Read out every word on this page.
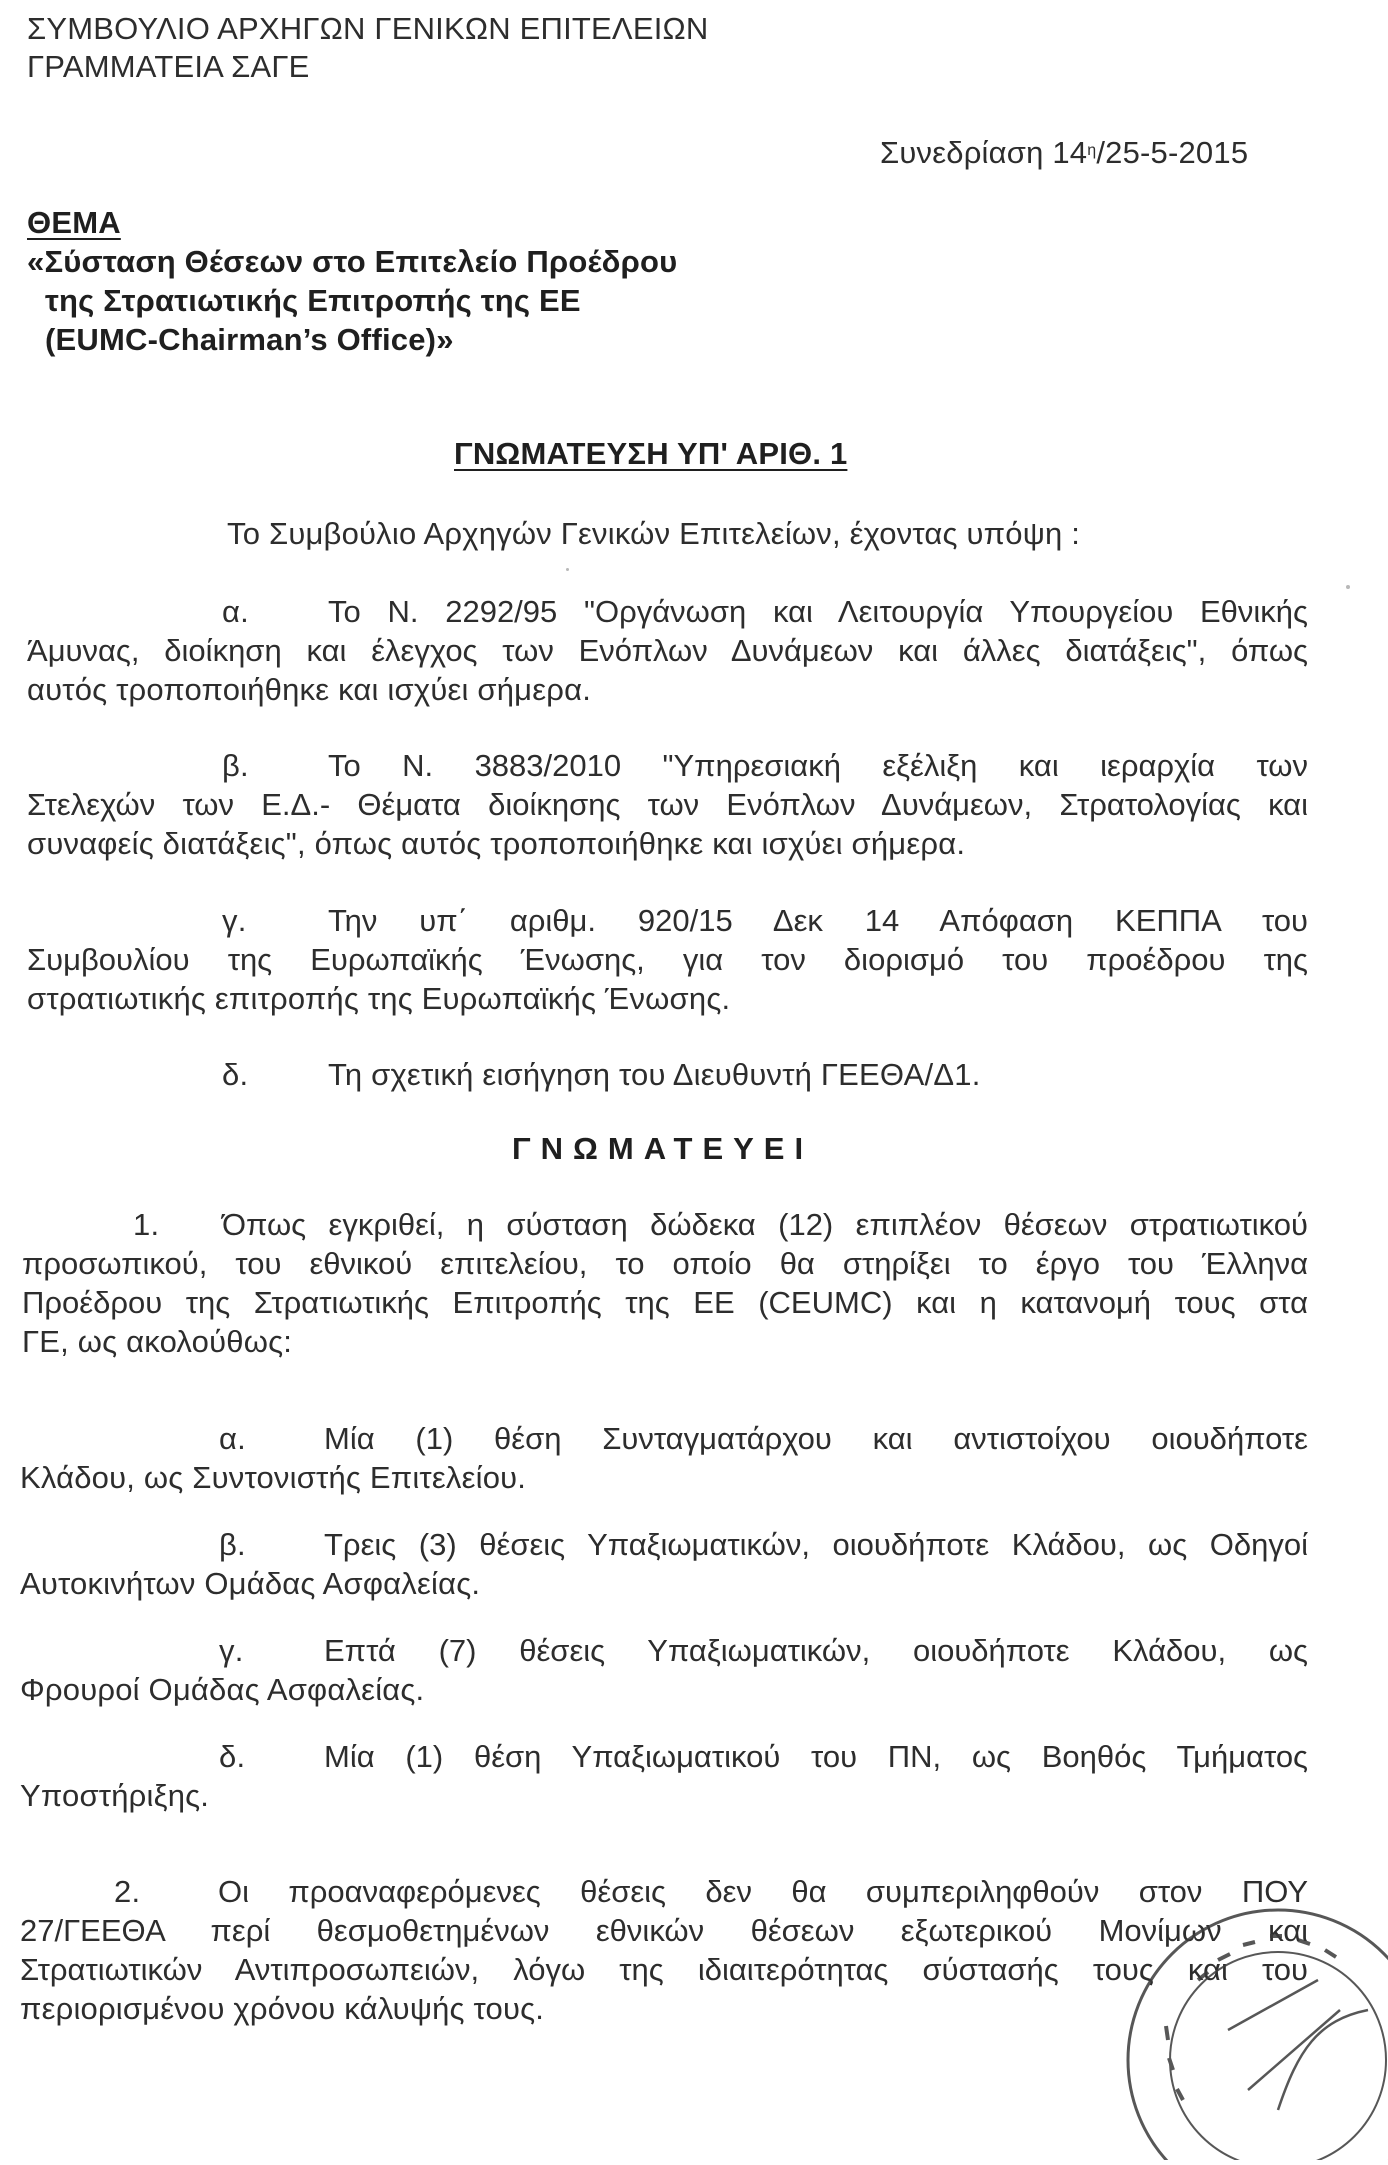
ΣΥΜΒΟΥΛΙΟ ΑΡΧΗΓΩΝ ΓΕΝΙΚΩΝ ΕΠΙΤΕΛΕΙΩΝ
ΓΡΑΜΜΑΤΕΙΑ ΣΑΓΕ
Συνεδρίαση $14^\eta/25-5-2015$
ΘΕΜΑ
«Σύσταση Θέσεων στο Επιτελείο Προέδρου
της Στρατιωτικής Επιτροπής της ΕΕ
(EUMC-Chairman’s Office)»
ΓΝΩΜΑΤΕΥΣΗ ΥΠ' ΑΡΙΘ. 1
Το Συμβούλιο Αρχηγών Γενικών Επιτελείων, έχοντας υπόψη :
α.	Το Ν. 2292/95 "Οργάνωση και Λειτουργία Υπουργείου Εθνικής
Άμυνας, διοίκηση και έλεγχος των Ενόπλων Δυνάμεων και άλλες διατάξεις", όπως
αυτός τροποποιήθηκε και ισχύει σήμερα.
β.	Το Ν. 3883/2010 "Υπηρεσιακή εξέλιξη και ιεραρχία των
Στελεχών των Ε.Δ.- Θέματα διοίκησης των Ενόπλων Δυνάμεων, Στρατολογίας και
συναφείς διατάξεις", όπως αυτός τροποποιήθηκε και ισχύει σήμερα.
γ.	Την υπ΄ αριθμ. 920/15 Δεκ 14 Απόφαση ΚΕΠΠΑ του
Συμβουλίου της Ευρωπαϊκής Ένωσης, για τον διορισμό του προέδρου της
στρατιωτικής επιτροπής της Ευρωπαϊκής Ένωσης.
δ.	Τη σχετική εισήγηση του Διευθυντή ΓΕΕΘΑ/Δ1.
ΓΝΩΜΑΤΕΥΕΙ
1. Όπως εγκριθεί, η σύσταση δώδεκα (12) επιπλέον θέσεων στρατιωτικού
προσωπικού, του εθνικού επιτελείου, το οποίο θα στηρίξει το έργο του Έλληνα
Προέδρου της Στρατιωτικής Επιτροπής της ΕΕ (CEUMC) και η κατανομή τους στα
ΓΕ, ως ακολούθως:
α.	Μία (1) θέση Συνταγματάρχου και αντιστοίχου οιουδήποτε
Κλάδου, ως Συντονιστής Επιτελείου.
β.	Τρεις (3) θέσεις Υπαξιωματικών, οιουδήποτε Κλάδου, ως Οδηγοί
Αυτοκινήτων Ομάδας Ασφαλείας.
γ.	Επτά (7) θέσεις Υπαξιωματικών, οιουδήποτε Κλάδου, ως
Φρουροί Ομάδας Ασφαλείας.
δ.	Μία (1) θέση Υπαξιωματικού του ΠΝ, ως Βοηθός Τμήματος
Υποστήριξης.
2.	Οι προαναφερόμενες θέσεις δεν θα συμπεριληφθούν στον ΠΟΥ
27/ΓΕΕΘΑ περί θεσμοθετημένων εθνικών θέσεων εξωτερικού Μονίμων και
Στρατιωτικών Αντιπροσωπειών, λόγω της ιδιαιτερότητας σύστασής τους και του
περιορισμένου χρόνου κάλυψής τους.
